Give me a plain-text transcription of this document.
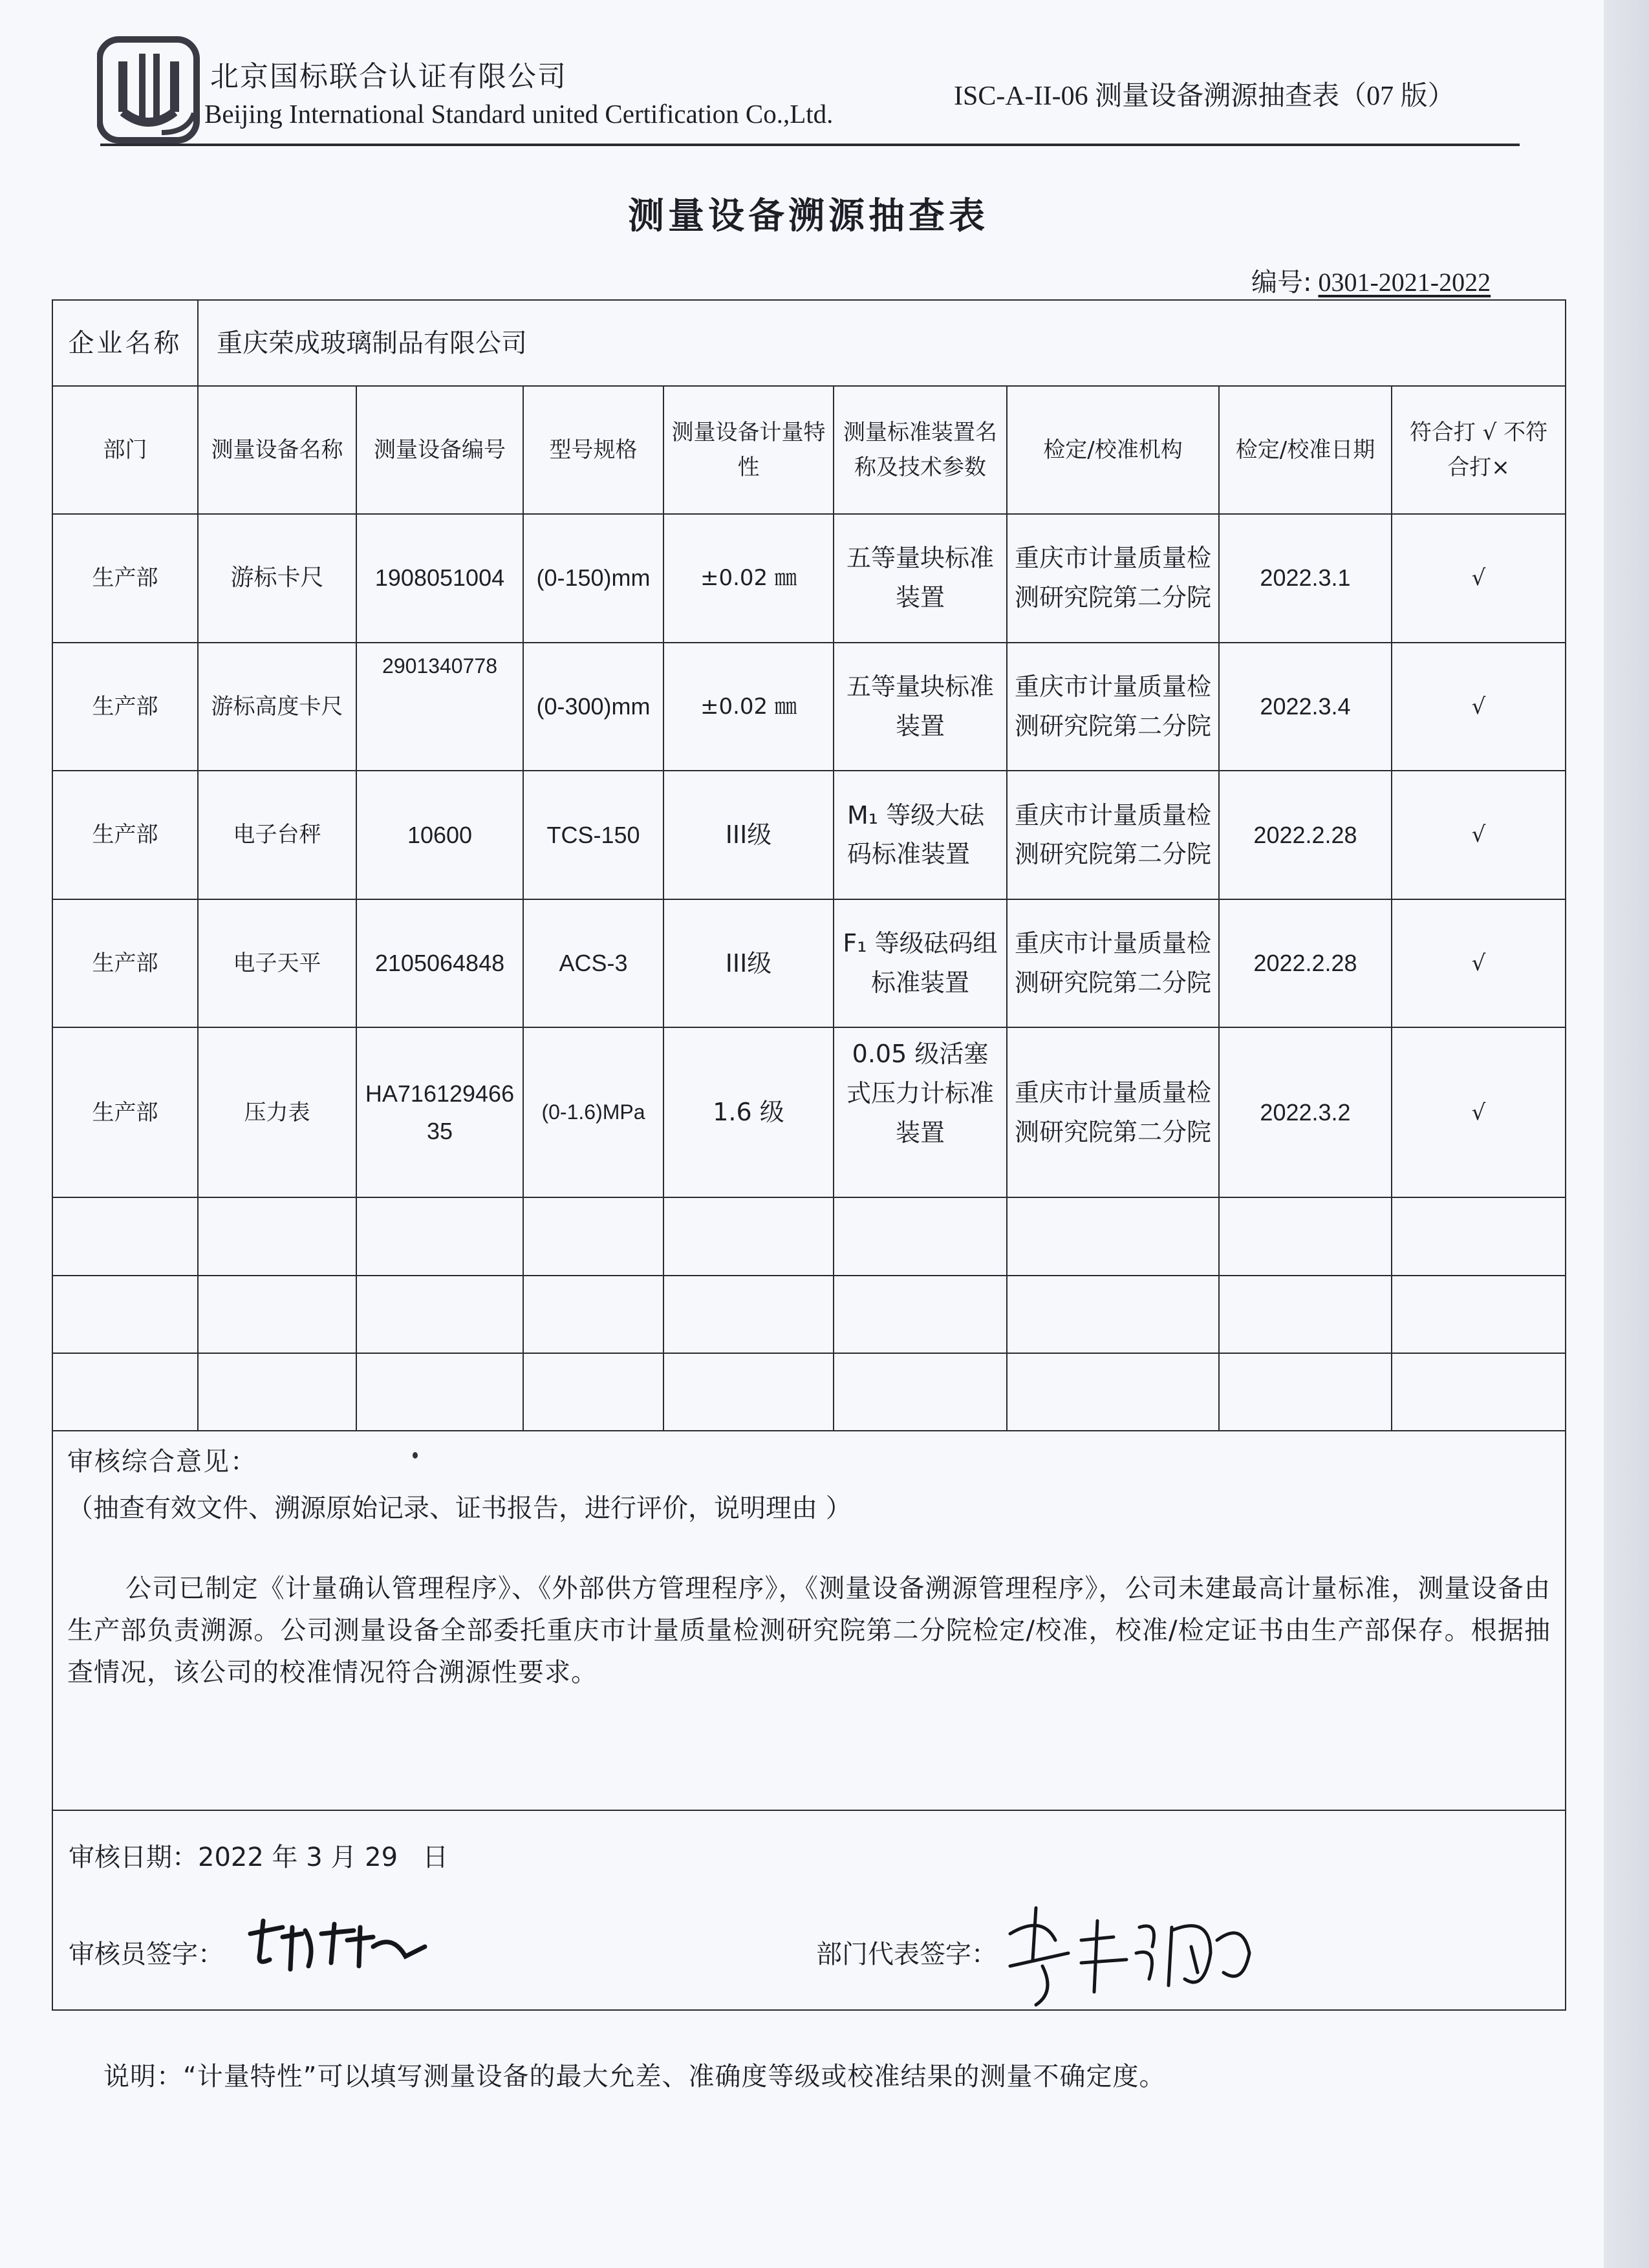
北京国标联合认证有限公司
Beijing International Standard united Certification Co.,Ltd.
ISC-A-II-06 测量设备溯源抽查表（07 版）
测量设备溯源抽查表
编号: 0301-2021-2022
企业名称	重庆荣成玻璃制品有限公司							
部门	测量设备名称	测量设备编号	型号规格	测量设备计量特性	测量标准装置名称及技术参数	检定/校准机构	检定/校准日期	符合打 √ 不符合打×
生产部	游标卡尺	1908051004	(0-150)mm	±0.02 ㎜	五等量块标准装置	重庆市计量质量检测研究院第二分院	2022.3.1	√
生产部	游标高度卡尺	2901340778	(0-300)mm	±0.02 ㎜	五等量块标准装置	重庆市计量质量检测研究院第二分院	2022.3.4	√
生产部	电子台秤	10600	TCS-150	III级	M₁ 等级大砝码标准装置	重庆市计量质量检测研究院第二分院	2022.2.28	√
生产部	电子天平	2105064848	ACS-3	III级	F₁ 等级砝码组标准装置	重庆市计量质量检测研究院第二分院	2022.2.28	√
生产部	压力表	HA71612946635	(0-1.6)MPa	1.6 级	0.05 级活塞式压力计标准装置	重庆市计量质量检测研究院第二分院	2022.3.2	√

审核综合意见：
（抽查有效文件、溯源原始记录、证书报告，进行评价，说明理由 ）
公司已制定《计量确认管理程序》、《外部供方管理程序》，《测量设备溯源管理程序》，公司未建最高计量标准，测量设备由生产部负责溯源。公司测量设备全部委托重庆市计量质量检测研究院第二分院检定/校准，校准/检定证书由生产部保存。根据抽查情况，该公司的校准情况符合溯源性要求。								

审核日期：2022 年 3 月 29 日
审核员签字： 部门代表签字：								
说明：“计量特性”可以填写测量设备的最大允差、准确度等级或校准结果的测量不确定度。
